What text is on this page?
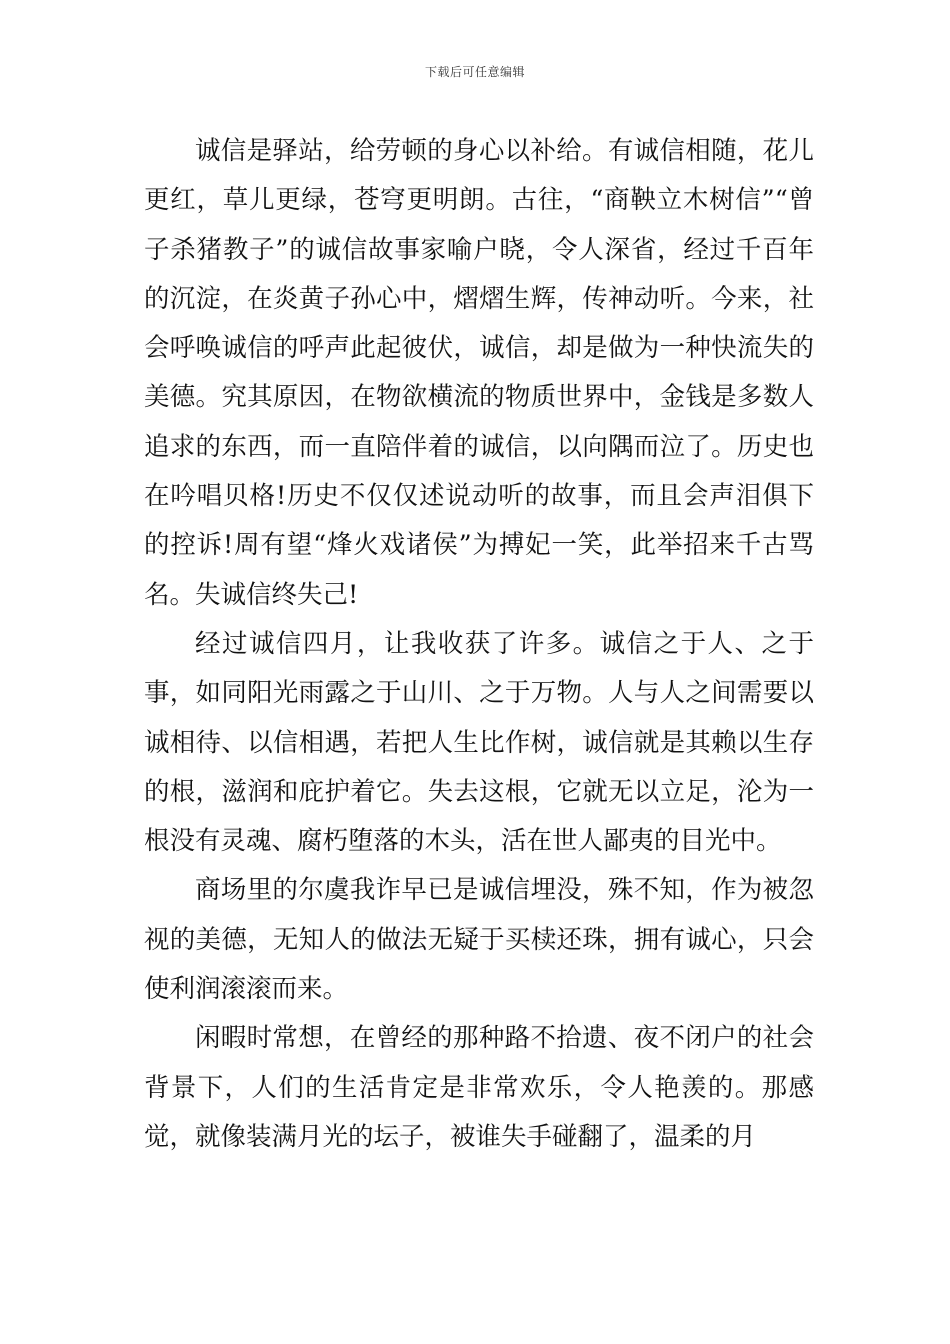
下载后可任意编辑

诚信是驿站，给劳顿的身心以补给。有诚信相随，花儿更红，草儿更绿，苍穹更明朗。古往，“商鞅立木树信”“曾子杀猪教子”的诚信故事家喻户晓，令人深省，经过千百年的沉淀，在炎黄子孙心中，熠熠生辉，传神动听。今来，社会呼唤诚信的呼声此起彼伏，诚信，却是做为一种快流失的美德。究其原因，在物欲横流的物质世界中，金钱是多数人追求的东西，而一直陪伴着的诚信，以向隅而泣了。历史也在吟唱贝格!历史不仅仅述说动听的故事，而且会声泪俱下的控诉!周有望“烽火戏诸侯”为搏妃一笑，此举招来千古骂名。失诚信终失己!

经过诚信四月，让我收获了许多。诚信之于人、之于事，如同阳光雨露之于山川、之于万物。人与人之间需要以诚相待、以信相遇，若把人生比作树，诚信就是其赖以生存的根，滋润和庇护着它。失去这根，它就无以立足，沦为一根没有灵魂、腐朽堕落的木头，活在世人鄙夷的目光中。

商场里的尔虞我诈早已是诚信埋没，殊不知，作为被忽视的美德，无知人的做法无疑于买椟还珠，拥有诚心，只会使利润滚滚而来。

闲暇时常想，在曾经的那种路不拾遗、夜不闭户的社会背景下，人们的生活肯定是非常欢乐，令人艳羡的。那感觉，就像装满月光的坛子，被谁失手碰翻了，温柔的月
